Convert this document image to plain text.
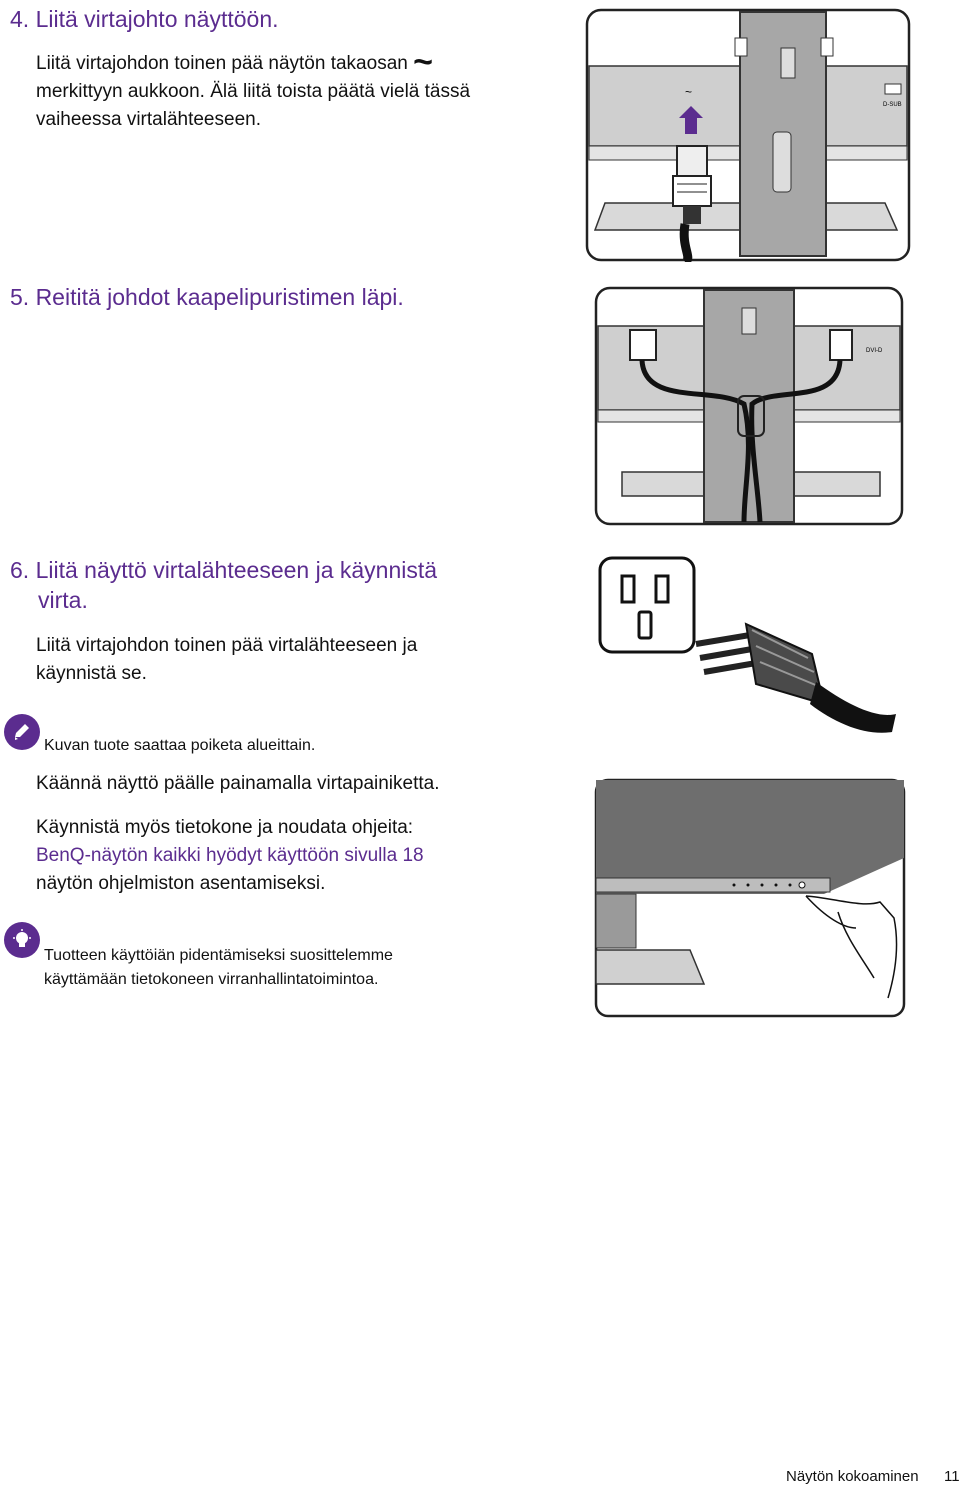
4. Liitä virtajohto näyttöön.
Liitä virtajohdon toinen pää näytön takaosan ~
merkittyyn aukkoon. Älä liitä toista päätä vielä tässä
vaiheessa virtalähteeseen.
D-SUB
~
5. Reititä johdot kaapelipuristimen läpi.
DVI-D
6. Liitä näyttö virtalähteeseen ja käynnistä
virta.
Liitä virtajohdon toinen pää virtalähteeseen ja
käynnistä se.
Kuvan tuote saattaa poiketa alueittain.
Käännä näyttö päälle painamalla virtapainiketta.
Käynnistä myös tietokone ja noudata ohjeita:
BenQ-näytön kaikki hyödyt käyttöön sivulla 18
näytön ohjelmiston asentamiseksi.
Tuotteen käyttöiän pidentämiseksi suosittelemme
käyttämään tietokoneen virranhallintatoimintoa.
Näytön kokoaminen 11
